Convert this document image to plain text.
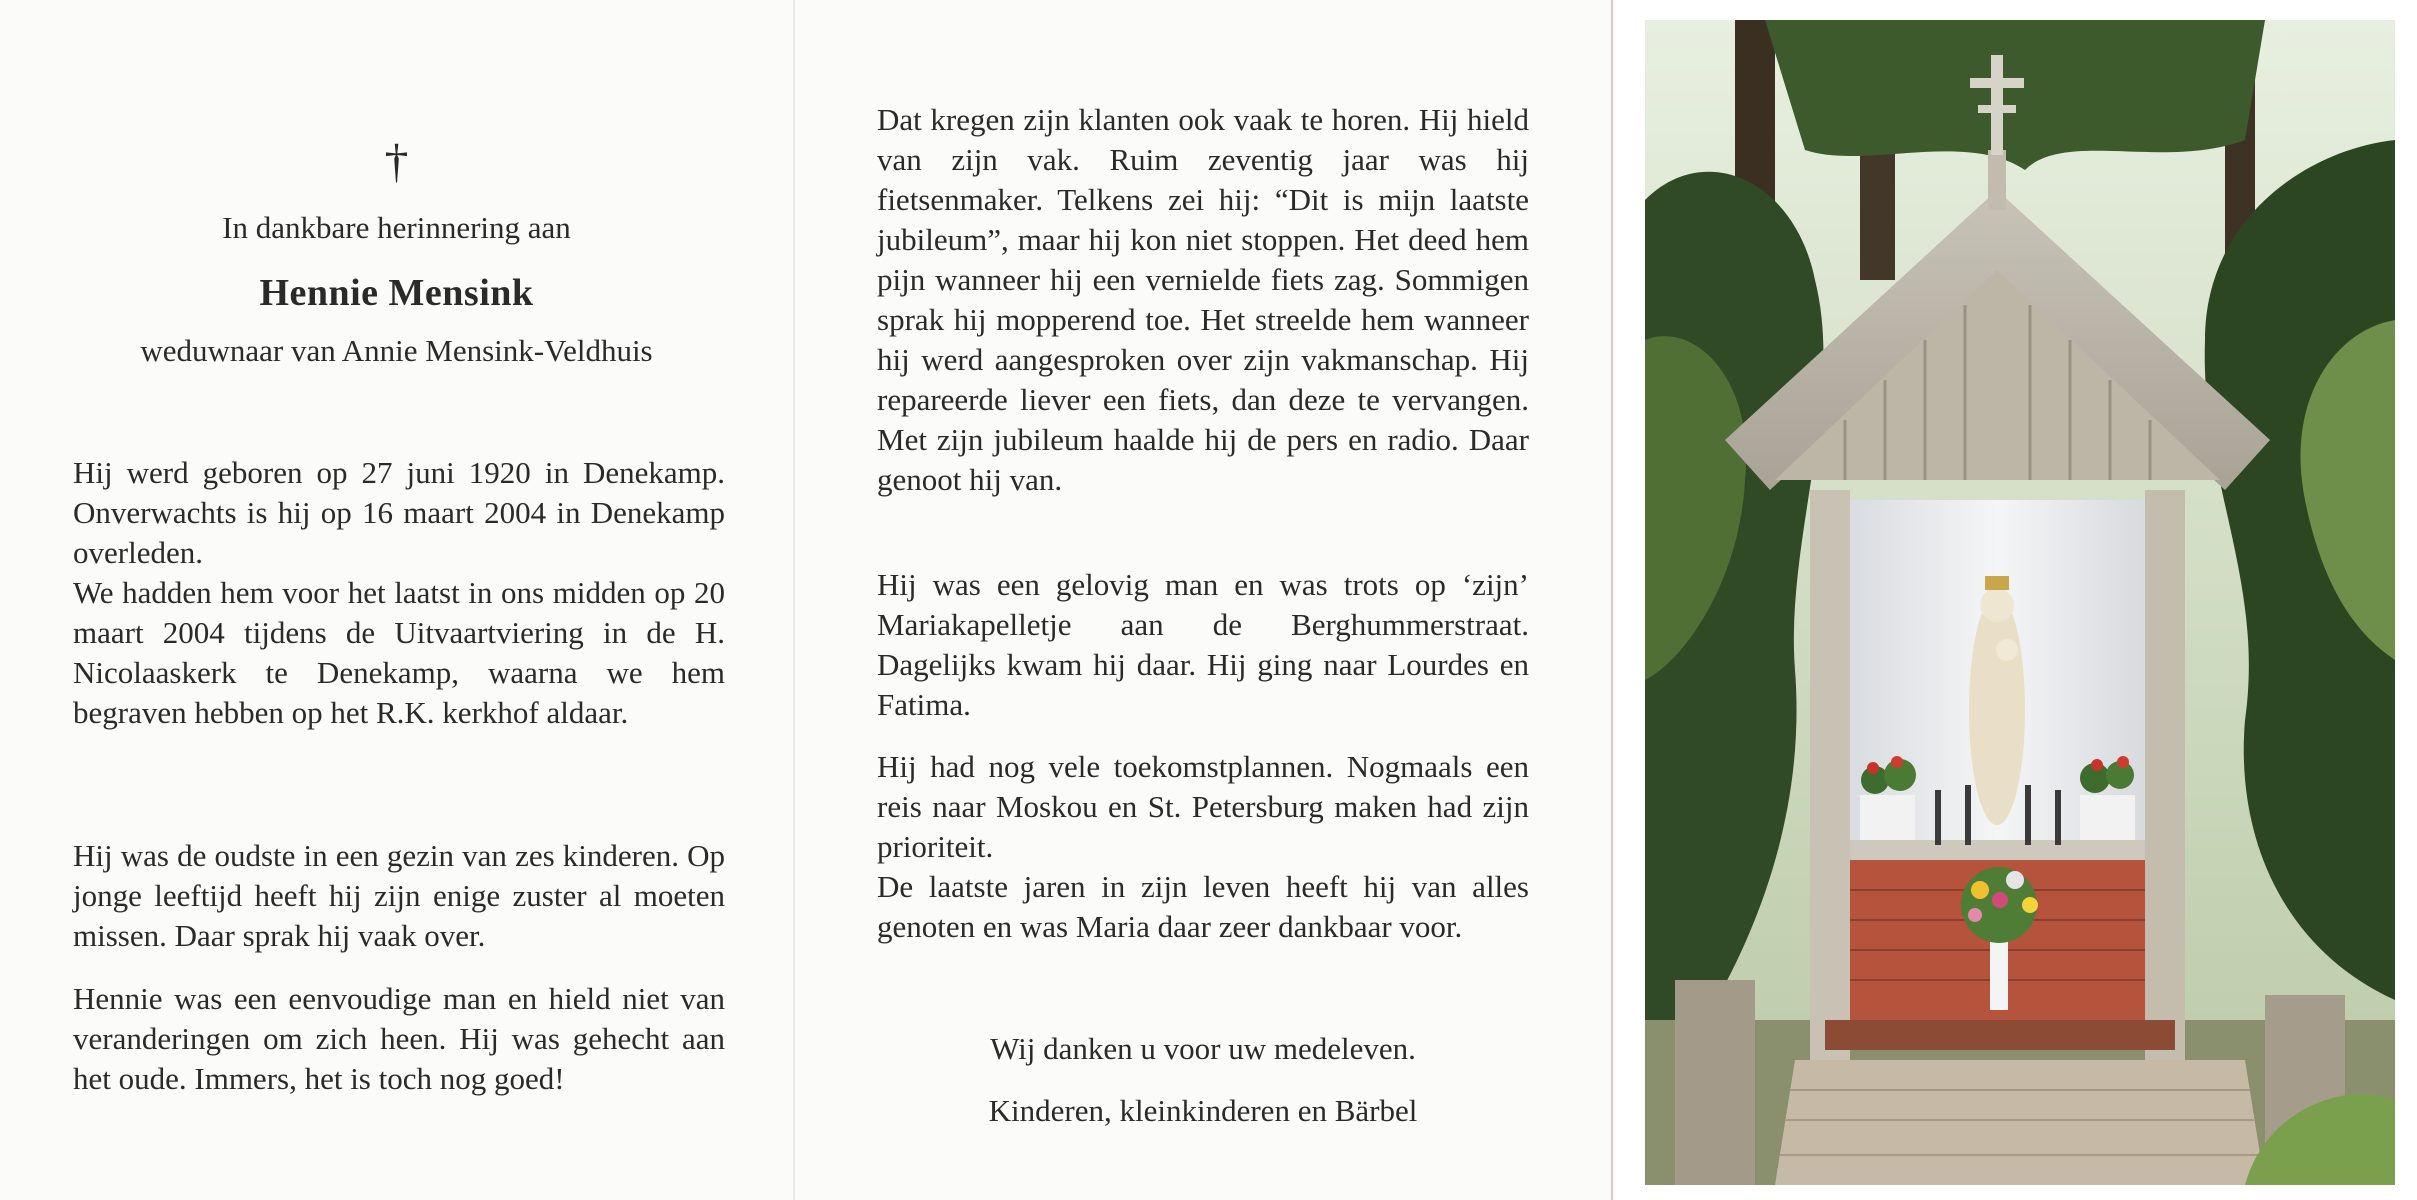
†
In dankbare herinnering aan
Hennie Mensink
weduwnaar van Annie Mensink-Veldhuis

Hij werd geboren op 27 juni 1920 in Denekamp. Onverwachts is hij op 16 maart 2004 in Denekamp overleden.

We hadden hem voor het laatst in ons midden op 20 maart 2004 tijdens de Uitvaartviering in de H. Nicolaaskerk te Denekamp, waarna we hem begraven hebben op het R.K. kerkhof aldaar.

Hij was de oudste in een gezin van zes kinderen. Op jonge leeftijd heeft hij zijn enige zuster al moeten missen. Daar sprak hij vaak over.

Hennie was een eenvoudige man en hield niet van veranderingen om zich heen. Hij was gehecht aan het oude. Immers, het is toch nog goed!

Dat kregen zijn klanten ook vaak te horen. Hij hield van zijn vak. Ruim zeventig jaar was hij fietsenmaker. Telkens zei hij: “Dit is mijn laatste jubileum”, maar hij kon niet stoppen. Het deed hem pijn wanneer hij een vernielde fiets zag. Sommigen sprak hij mopperend toe. Het streelde hem wanneer hij werd aangesproken over zijn vakmanschap. Hij repareerde liever een fiets, dan deze te vervangen. Met zijn jubileum haalde hij de pers en radio. Daar genoot hij van.

Hij was een gelovig man en was trots op ‘zijn’ Mariakapelletje aan de Berghummerstraat. Dagelijks kwam hij daar. Hij ging naar Lourdes en Fatima.

Hij had nog vele toekomstplannen. Nogmaals een reis naar Moskou en St. Petersburg maken had zijn prioriteit.

De laatste jaren in zijn leven heeft hij van alles genoten en was Maria daar zeer dankbaar voor.

Wij danken u voor uw medeleven.
Kinderen, kleinkinderen en Bärbel
